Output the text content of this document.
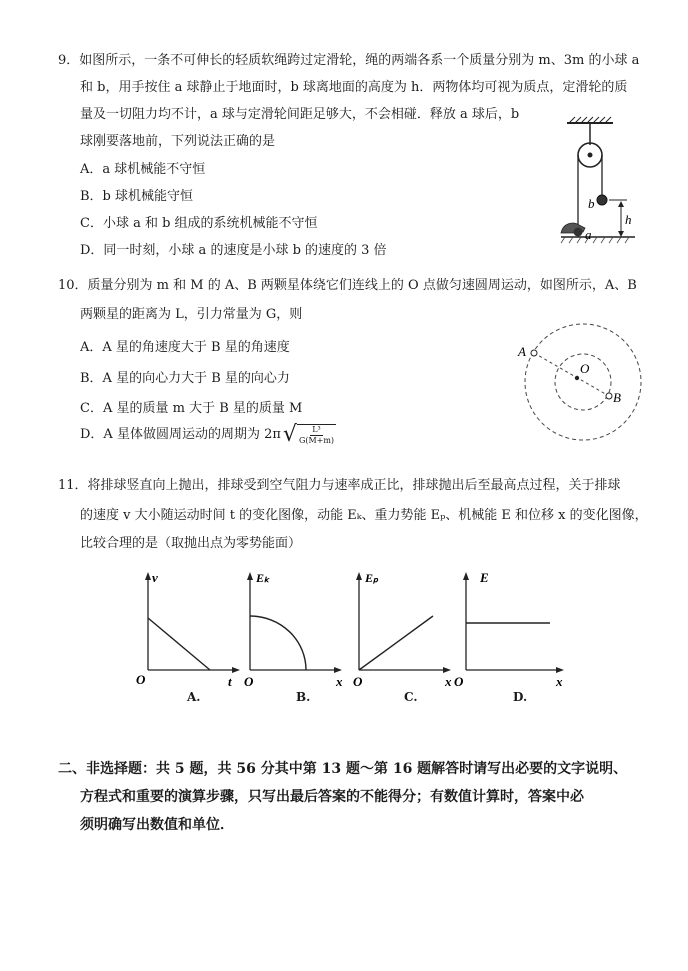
9．如图所示，一条不可伸长的轻质软绳跨过定滑轮，绳的两端各系一个质量分别为 m、3m 的小球 a
和 b，用手按住 a 球静止于地面时，b 球离地面的高度为 h．两物体均可视为质点，定滑轮的质
量及一切阻力均不计，a 球与定滑轮间距足够大，不会相碰．释放 a 球后，b
球刚要落地前，下列说法正确的是
A．a 球机械能不守恒
B．b 球机械能守恒
C．小球 a 和 b 组成的系统机械能不守恒
D．同一时刻，小球 a 的速度是小球 b 的速度的 3 倍
b
h
a
10．质量分别为 m 和 M 的 A、B 两颗星体绕它们连线上的 O 点做匀速圆周运动，如图所示，A、B
两颗星的距离为 L，引力常量为 G，则
A．A 星的角速度大于 B 星的角速度
B．A 星的向心力大于 B 星的向心力
C．A 星的质量 m 大于 B 星的质量 M
D．A 星体做圆周运动的周期为 2π √ $\frac{\text{L³}}{G(M+m)}$
A
O
B
11．将排球竖直向上抛出，排球受到空气阻力与速率成正比，排球抛出后至最高点过程，关于排球
的速度 v 大小随运动时间 t 的变化图像，动能 Eₖ、重力势能 Eₚ、机械能 E 和位移 x 的变化图像，
比较合理的是（取抛出点为零势能面）
v
O	t
A.
Eₖ
O	x
B.
Eₚ
O	x
C.
E
O	x
D.
二、非选择题：共 5 题，共 56 分其中第 13 题～第 16 题解答时请写出必要的文字说明、
方程式和重要的演算步骤，只写出最后答案的不能得分；有数值计算时，答案中必
须明确写出数值和单位．
